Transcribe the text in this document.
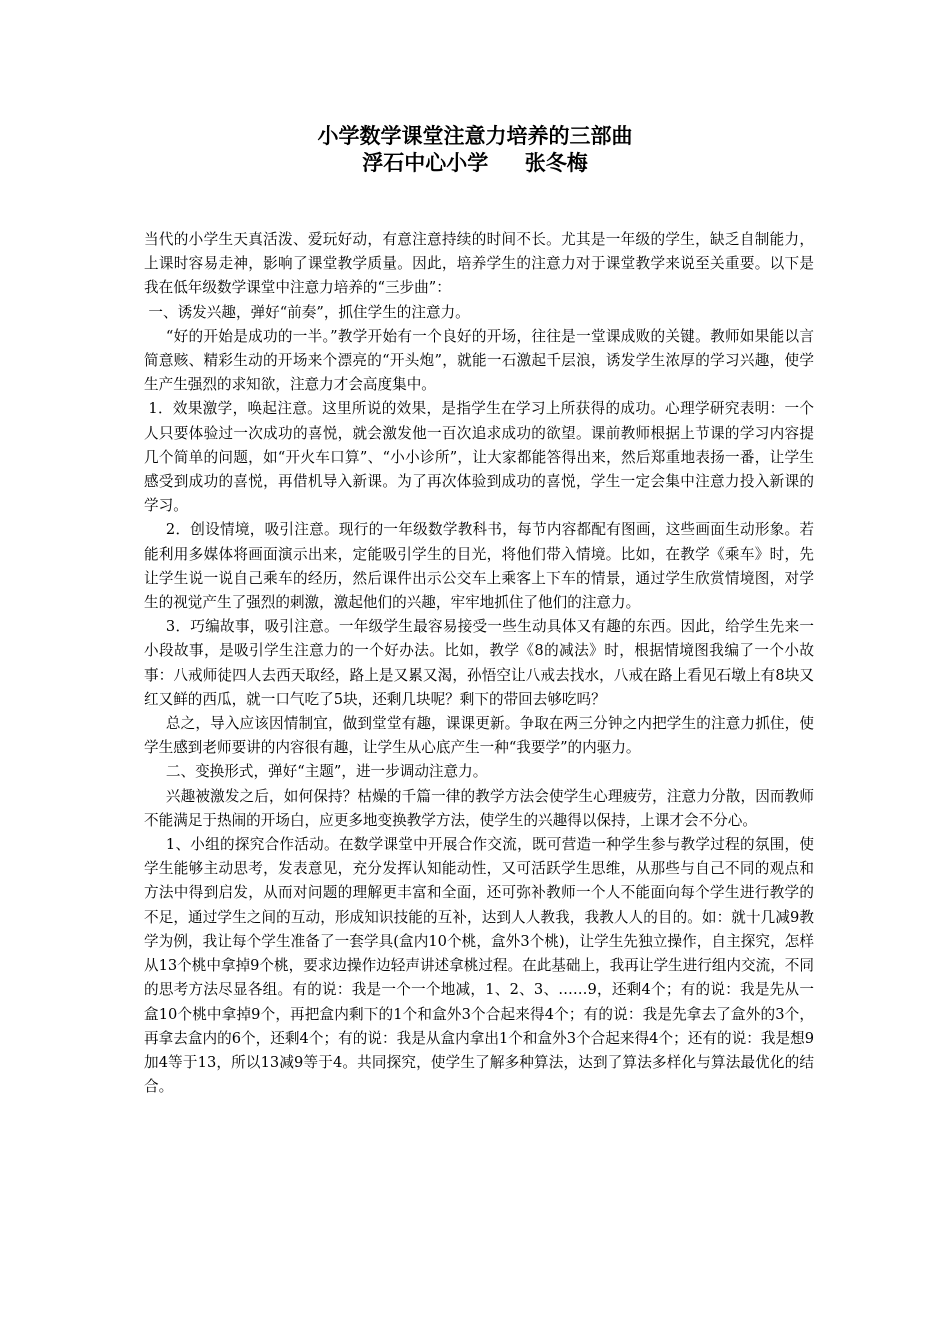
小学数学课堂注意力培养的三部曲
浮石中心小学     张冬梅

当代的小学生天真活泼、爱玩好动，有意注意持续的时间不长。尤其是一年级的学生，缺乏自制能力，上课时容易走神，影响了课堂教学质量。因此，培养学生的注意力对于课堂教学来说至关重要。以下是我在低年级数学课堂中注意力培养的“三步曲”：

一、诱发兴趣，弹好“前奏”，抓住学生的注意力。

“好的开始是成功的一半。”教学开始有一个良好的开场，往往是一堂课成败的关键。教师如果能以言简意赅、精彩生动的开场来个漂亮的“开头炮”，就能一石激起千层浪，诱发学生浓厚的学习兴趣，使学生产生强烈的求知欲，注意力才会高度集中。

1．效果激学，唤起注意。这里所说的效果，是指学生在学习上所获得的成功。心理学研究表明：一个人只要体验过一次成功的喜悦，就会激发他一百次追求成功的欲望。课前教师根据上节课的学习内容提几个简单的问题，如“开火车口算”、“小小诊所”，让大家都能答得出来，然后郑重地表扬一番，让学生感受到成功的喜悦，再借机导入新课。为了再次体验到成功的喜悦，学生一定会集中注意力投入新课的学习。

2．创设情境，吸引注意。现行的一年级数学教科书，每节内容都配有图画，这些画面生动形象。若能利用多媒体将画面演示出来，定能吸引学生的目光，将他们带入情境。比如，在教学《乘车》时，先让学生说一说自己乘车的经历，然后课件出示公交车上乘客上下车的情景，通过学生欣赏情境图，对学生的视觉产生了强烈的刺激，激起他们的兴趣，牢牢地抓住了他们的注意力。

3．巧编故事，吸引注意。一年级学生最容易接受一些生动具体又有趣的东西。因此，给学生先来一小段故事，是吸引学生注意力的一个好办法。比如，教学《8的减法》时，根据情境图我编了一个小故事：八戒师徒四人去西天取经，路上是又累又渴，孙悟空让八戒去找水，八戒在路上看见石墩上有8块又红又鲜的西瓜，就一口气吃了5块，还剩几块呢？剩下的带回去够吃吗？

总之，导入应该因情制宜，做到堂堂有趣，课课更新。争取在两三分钟之内把学生的注意力抓住，使学生感到老师要讲的内容很有趣，让学生从心底产生一种“我要学”的内驱力。

二、变换形式，弹好“主题”，进一步调动注意力。

兴趣被激发之后，如何保持？枯燥的千篇一律的教学方法会使学生心理疲劳，注意力分散，因而教师不能满足于热闹的开场白，应更多地变换教学方法，使学生的兴趣得以保持，上课才会不分心。

1、小组的探究合作活动。在数学课堂中开展合作交流，既可营造一种学生参与教学过程的氛围，使学生能够主动思考，发表意见，充分发挥认知能动性，又可活跃学生思维，从那些与自己不同的观点和方法中得到启发，从而对问题的理解更丰富和全面，还可弥补教师一个人不能面向每个学生进行教学的不足，通过学生之间的互动，形成知识技能的互补，达到人人教我，我教人人的目的。如：就十几减9教学为例，我让每个学生准备了一套学具(盒内10个桃，盒外3个桃)，让学生先独立操作，自主探究，怎样从13个桃中拿掉9个桃，要求边操作边轻声讲述拿桃过程。在此基础上，我再让学生进行组内交流，不同的思考方法尽显各组。有的说：我是一个一个地减，1、2、3、……9，还剩4个；有的说：我是先从一盒10个桃中拿掉9个，再把盒内剩下的1个和盒外3个合起来得4个；有的说：我是先拿去了盒外的3个，再拿去盒内的6个，还剩4个；有的说：我是从盒内拿出1个和盒外3个合起来得4个；还有的说：我是想9加4等于13，所以13减9等于4。共同探究，使学生了解多种算法，达到了算法多样化与算法最优化的结合。
